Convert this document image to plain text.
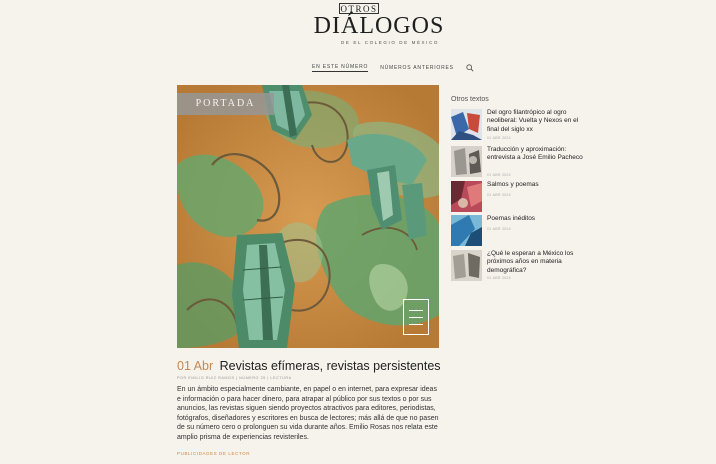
OTROS
DIÁLOGOS
DE EL COLEGIO DE MÉXICO
EN ESTE NÚMERO NÚMEROS ANTERIORES
PORTADA
01 Abr Revistas efímeras, revistas persistentes
POR EMILIO RUIZ RAMOS | NÚMERO 25 | LECTURA
En un ámbito especialmente cambiante, en papel o en internet, para expresar ideas e información o para hacer dinero, para atrapar al público por sus textos o por sus anuncios, las revistas siguen siendo proyectos atractivos para editores, periodistas, fotógrafos, diseñadores y escritores en busca de lectores; más allá de que no pasen de su número cero o prolonguen su vida durante años. Emilio Rosas nos relata este amplio prisma de experiencias revisteriles.
PUBLICIDADES DE LECTOR
Otros textos
Del ogro filantrópico al ogro neoliberal: Vuelta y Nexos en el final del siglo xx
01 ABR 2024
Traducción y aproximación: entrevista a José Emilio Pacheco
01 ABR 2024
Salmos y poemas
01 ABR 2024
Poemas inéditos
01 ABR 2024
¿Qué le esperan a México los próximos años en materia demográfica?
01 ABR 2024
